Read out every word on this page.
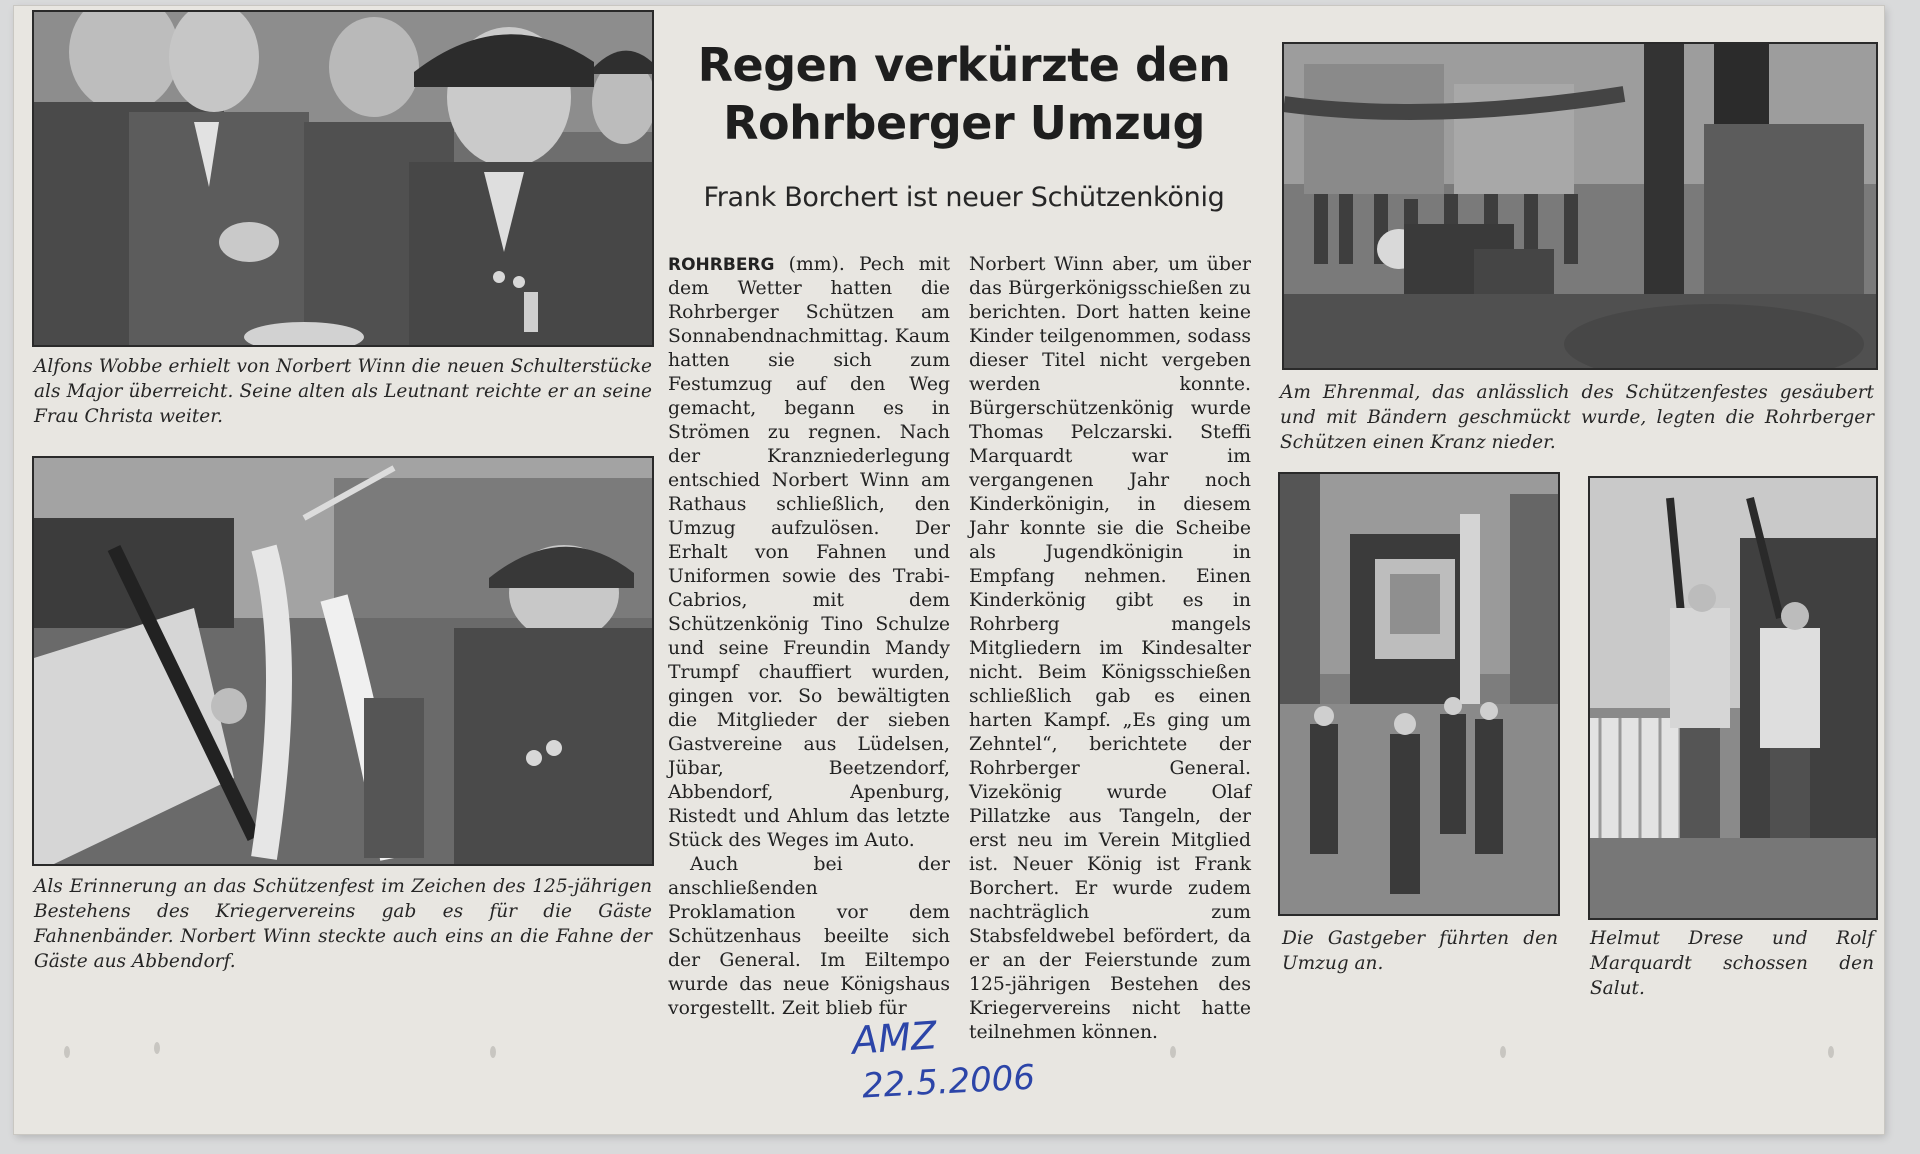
Alfons Wobbe erhielt von Norbert Winn die neuen Schulterstücke als Major überreicht. Seine alten als Leutnant reichte er an seine Frau Christa weiter.
Als Erinnerung an das Schützenfest im Zeichen des 125-jährigen Bestehens des Kriegervereins gab es für die Gäste Fahnenbänder. Norbert Winn steckte auch eins an die Fahne der Gäste aus Abbendorf.
Regen verkürzte den
Rohrberger Umzug
Frank Borchert ist neuer Schützenkönig

ROHRBERG (mm). Pech mit dem Wetter hatten die Rohrberger Schützen am Sonnabendnachmittag. Kaum hatten sie sich zum Festumzug auf den Weg gemacht, begann es in Strömen zu regnen. Nach der Kranzniederlegung entschied Norbert Winn am Rathaus schließlich, den Umzug aufzulösen. Der Erhalt von Fahnen und Uniformen sowie des Trabi-Cabrios, mit dem Schützenkönig Tino Schulze und seine Freundin Mandy Trumpf chauffiert wurden, gingen vor. So bewältigten die Mitglieder der sieben Gastvereine aus Lüdelsen, Jübar, Beetzendorf, Abbendorf, Apenburg, Ristedt und Ahlum das letzte Stück des Weges im Auto.

Auch bei der anschließenden Proklamation vor dem Schützenhaus beeilte sich der General. Im Eiltempo wurde das neue Königshaus vorgestellt. Zeit blieb für

Norbert Winn aber, um über das Bürgerkönigsschießen zu berichten. Dort hatten keine Kinder teilgenommen, sodass dieser Titel nicht vergeben werden konnte. Bürgerschützenkönig wurde Thomas Pelczarski. Steffi Marquardt war im vergangenen Jahr noch Kinderkönigin, in diesem Jahr konnte sie die Scheibe als Jugendkönigin in Empfang nehmen. Einen Kinderkönig gibt es in Rohrberg mangels Mitgliedern im Kindesalter nicht. Beim Königsschießen schließlich gab es einen harten Kampf. „Es ging um Zehntel“, berichtete der Rohrberger General. Vizekönig wurde Olaf Pillatzke aus Tangeln, der erst neu im Verein Mitglied ist. Neuer König ist Frank Borchert. Er wurde zudem nachträglich zum Stabsfeldwebel befördert, da er an der Feierstunde zum 125-jährigen Bestehen des Kriegervereins nicht hatte teilnehmen können.

Am Ehrenmal, das anlässlich des Schützenfestes gesäubert und mit Bändern geschmückt wurde, legten die Rohrberger Schützen einen Kranz nieder.
Die Gastgeber führten den Umzug an.
Helmut Drese und Rolf Marquardt schossen den Salut.
AMZ
22.5.2006
